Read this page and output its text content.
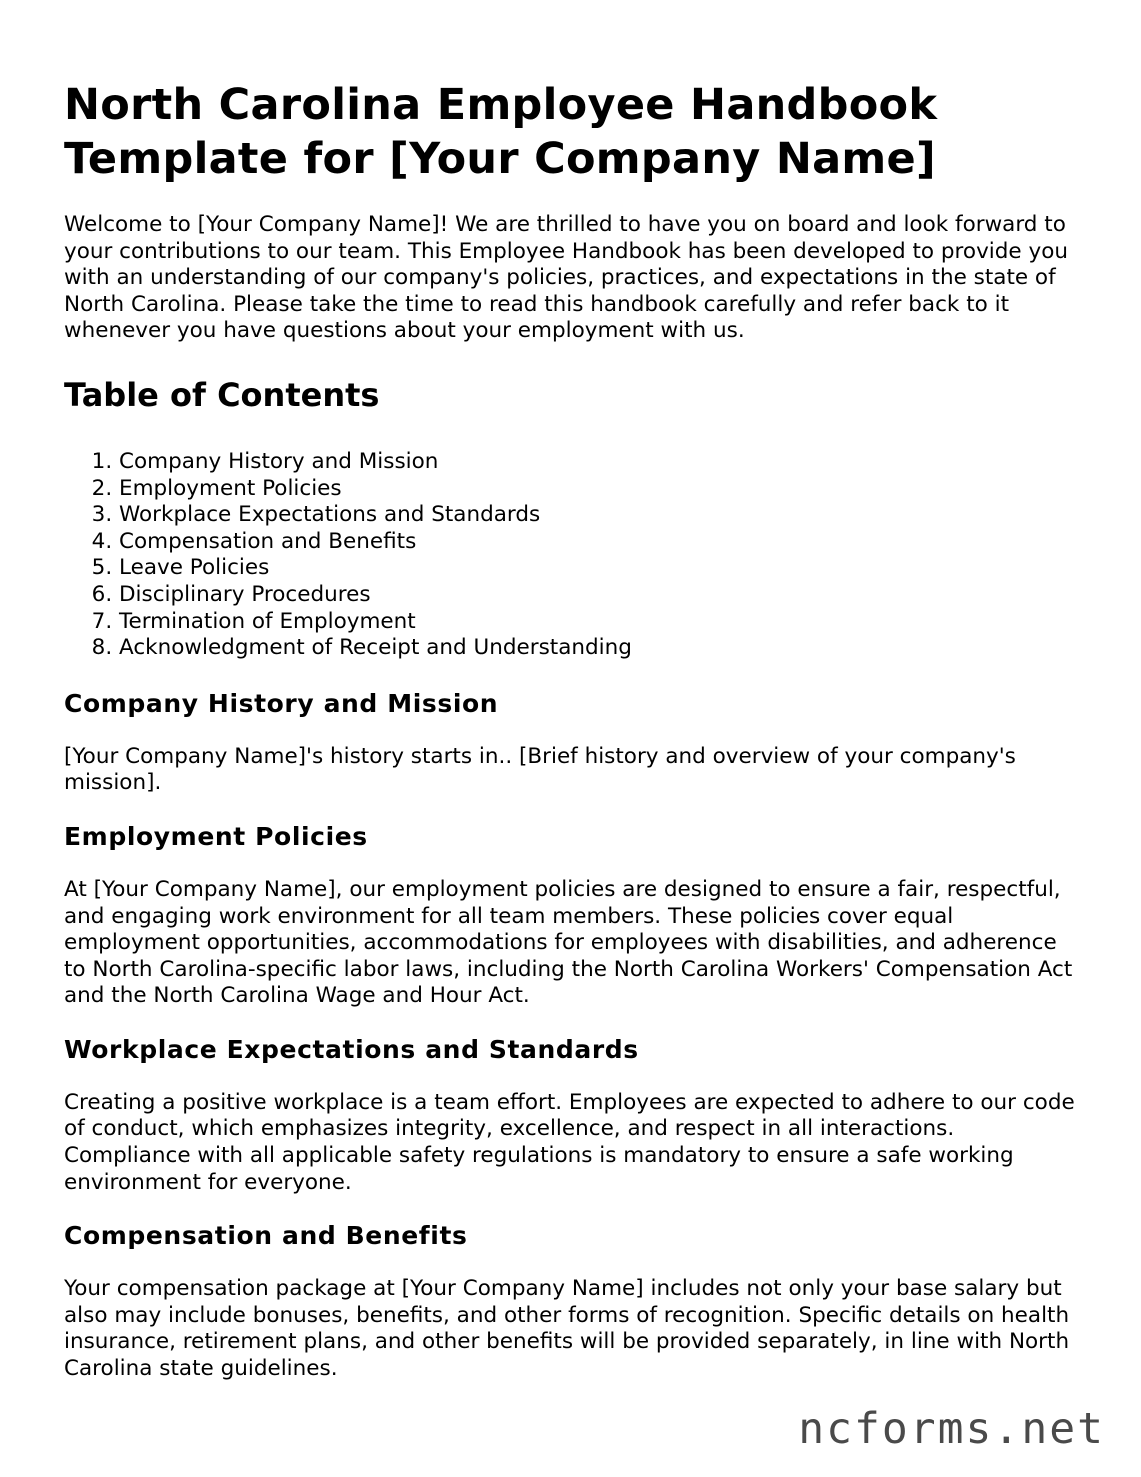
North Carolina Employee Handbook Template for [Your Company Name]

Welcome to [Your Company Name]! We are thrilled to have you on board and look forward to your contributions to our team. This Employee Handbook has been developed to provide you with an understanding of our company's policies, practices, and expectations in the state of North Carolina. Please take the time to read this handbook carefully and refer back to it whenever you have questions about your employment with us.

Table of Contents
1. Company History and Mission
2. Employment Policies
3. Workplace Expectations and Standards
4. Compensation and Benefits
5. Leave Policies
6. Disciplinary Procedures
7. Termination of Employment
8. Acknowledgment of Receipt and Understanding
Company History and Mission

[Your Company Name]'s history starts in.. [Brief history and overview of your company's mission].

Employment Policies

At [Your Company Name], our employment policies are designed to ensure a fair, respectful, and engaging work environment for all team members. These policies cover equal employment opportunities, accommodations for employees with disabilities, and adherence to North Carolina-specific labor laws, including the North Carolina Workers' Compensation Act and the North Carolina Wage and Hour Act.

Workplace Expectations and Standards

Creating a positive workplace is a team effort. Employees are expected to adhere to our code of conduct, which emphasizes integrity, excellence, and respect in all interactions. Compliance with all applicable safety regulations is mandatory to ensure a safe working environment for everyone.

Compensation and Benefits

Your compensation package at [Your Company Name] includes not only your base salary but also may include bonuses, benefits, and other forms of recognition. Specific details on health insurance, retirement plans, and other benefits will be provided separately, in line with North Carolina state guidelines.

ncforms.net
